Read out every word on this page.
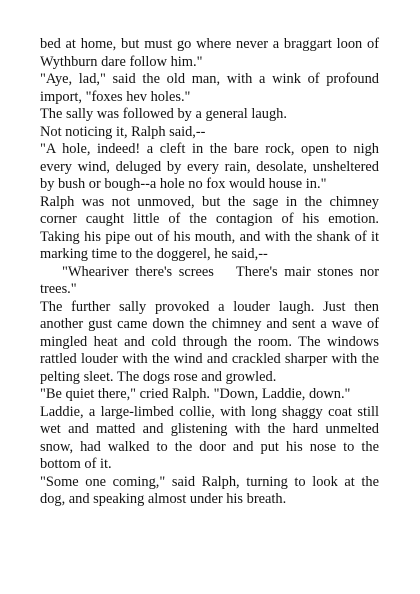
bed at home, but must go where never a braggart loon of Wythburn dare follow him."

"Aye, lad," said the old man, with a wink of profound import, "foxes hev holes."

The sally was followed by a general laugh.

Not noticing it, Ralph said,--

"A hole, indeed! a cleft in the bare rock, open to nigh every wind, deluged by every rain, desolate, unsheltered by bush or bough--a hole no fox would house in."

Ralph was not unmoved, but the sage in the chimney corner caught little of the contagion of his emotion. Taking his pipe out of his mouth, and with the shank of it marking time to the doggerel, he said,--

"Wheariver there's screes There's mair stones nor trees."

The further sally provoked a louder laugh. Just then another gust came down the chimney and sent a wave of mingled heat and cold through the room. The windows rattled louder with the wind and crackled sharper with the pelting sleet. The dogs rose and growled.

"Be quiet there," cried Ralph. "Down, Laddie, down."

Laddie, a large-limbed collie, with long shaggy coat still wet and matted and glistening with the hard unmelted snow, had walked to the door and put his nose to the bottom of it.

"Some one coming," said Ralph, turning to look at the dog, and speaking almost under his breath.
